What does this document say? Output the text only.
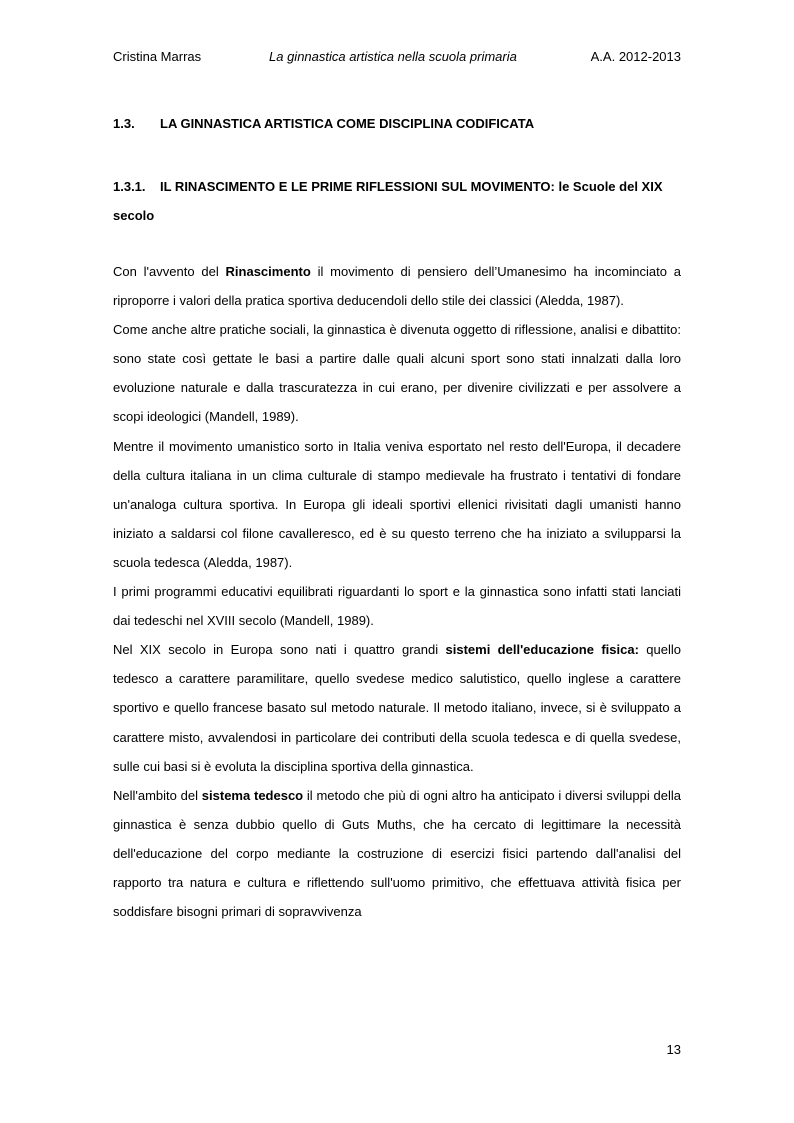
Cristina Marras	La ginnastica artistica nella scuola primaria	A.A. 2012-2013
1.3. LA GINNASTICA ARTISTICA COME DISCIPLINA CODIFICATA
1.3.1. IL RINASCIMENTO E LE PRIME RIFLESSIONI SUL MOVIMENTO: le Scuole del XIX secolo

Con l'avvento del Rinascimento il movimento di pensiero dell’Umanesimo ha incominciato a riproporre i valori della pratica sportiva deducendoli dello stile dei classici (Aledda, 1987).

Come anche altre pratiche sociali, la ginnastica è divenuta oggetto di riflessione, analisi e dibattito: sono state così gettate le basi a partire dalle quali alcuni sport sono stati innalzati dalla loro evoluzione naturale e dalla trascuratezza in cui erano, per divenire civilizzati e per assolvere a scopi ideologici (Mandell, 1989).

Mentre il movimento umanistico sorto in Italia veniva esportato nel resto dell'Europa, il decadere della cultura italiana in un clima culturale di stampo medievale ha frustrato i tentativi di fondare un'analoga cultura sportiva. In Europa gli ideali sportivi ellenici rivisitati dagli umanisti hanno iniziato a saldarsi col filone cavalleresco, ed è su questo terreno che ha iniziato a svilupparsi la scuola tedesca (Aledda, 1987).

I primi programmi educativi equilibrati riguardanti lo sport e la ginnastica sono infatti stati lanciati dai tedeschi nel XVIII secolo (Mandell, 1989).

Nel XIX secolo in Europa sono nati i quattro grandi sistemi dell'educazione fisica: quello tedesco a carattere paramilitare, quello svedese medico salutistico, quello inglese a carattere sportivo e quello francese basato sul metodo naturale. Il metodo italiano, invece, si è sviluppato a carattere misto, avvalendosi in particolare dei contributi della scuola tedesca e di quella svedese, sulle cui basi si è evoluta la disciplina sportiva della ginnastica.

Nell'ambito del sistema tedesco il metodo che più di ogni altro ha anticipato i diversi sviluppi della ginnastica è senza dubbio quello di Guts Muths, che ha cercato di legittimare la necessità dell'educazione del corpo mediante la costruzione di esercizi fisici partendo dall'analisi del rapporto tra natura e cultura e riflettendo sull'uomo primitivo, che effettuava attività fisica per soddisfare bisogni primari di sopravvivenza

13
